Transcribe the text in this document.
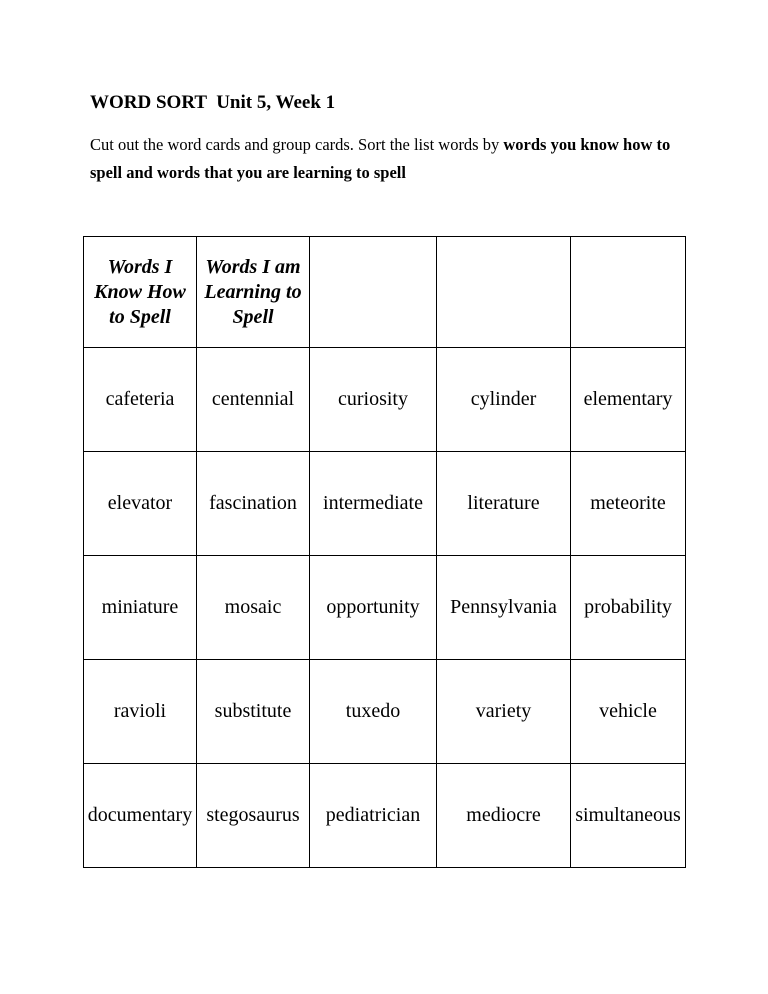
WORD SORT  Unit 5, Week 1

Cut out the word cards and group cards. Sort the list words by words you know how to spell and words that you are learning to spell

Words I Know How to Spell	Words I am Learning to Spell			
cafeteria	centennial	curiosity	cylinder	elementary
elevator	fascination	intermediate	literature	meteorite
miniature	mosaic	opportunity	Pennsylvania	probability
ravioli	substitute	tuxedo	variety	vehicle
documentary	stegosaurus	pediatrician	mediocre	simultaneous
